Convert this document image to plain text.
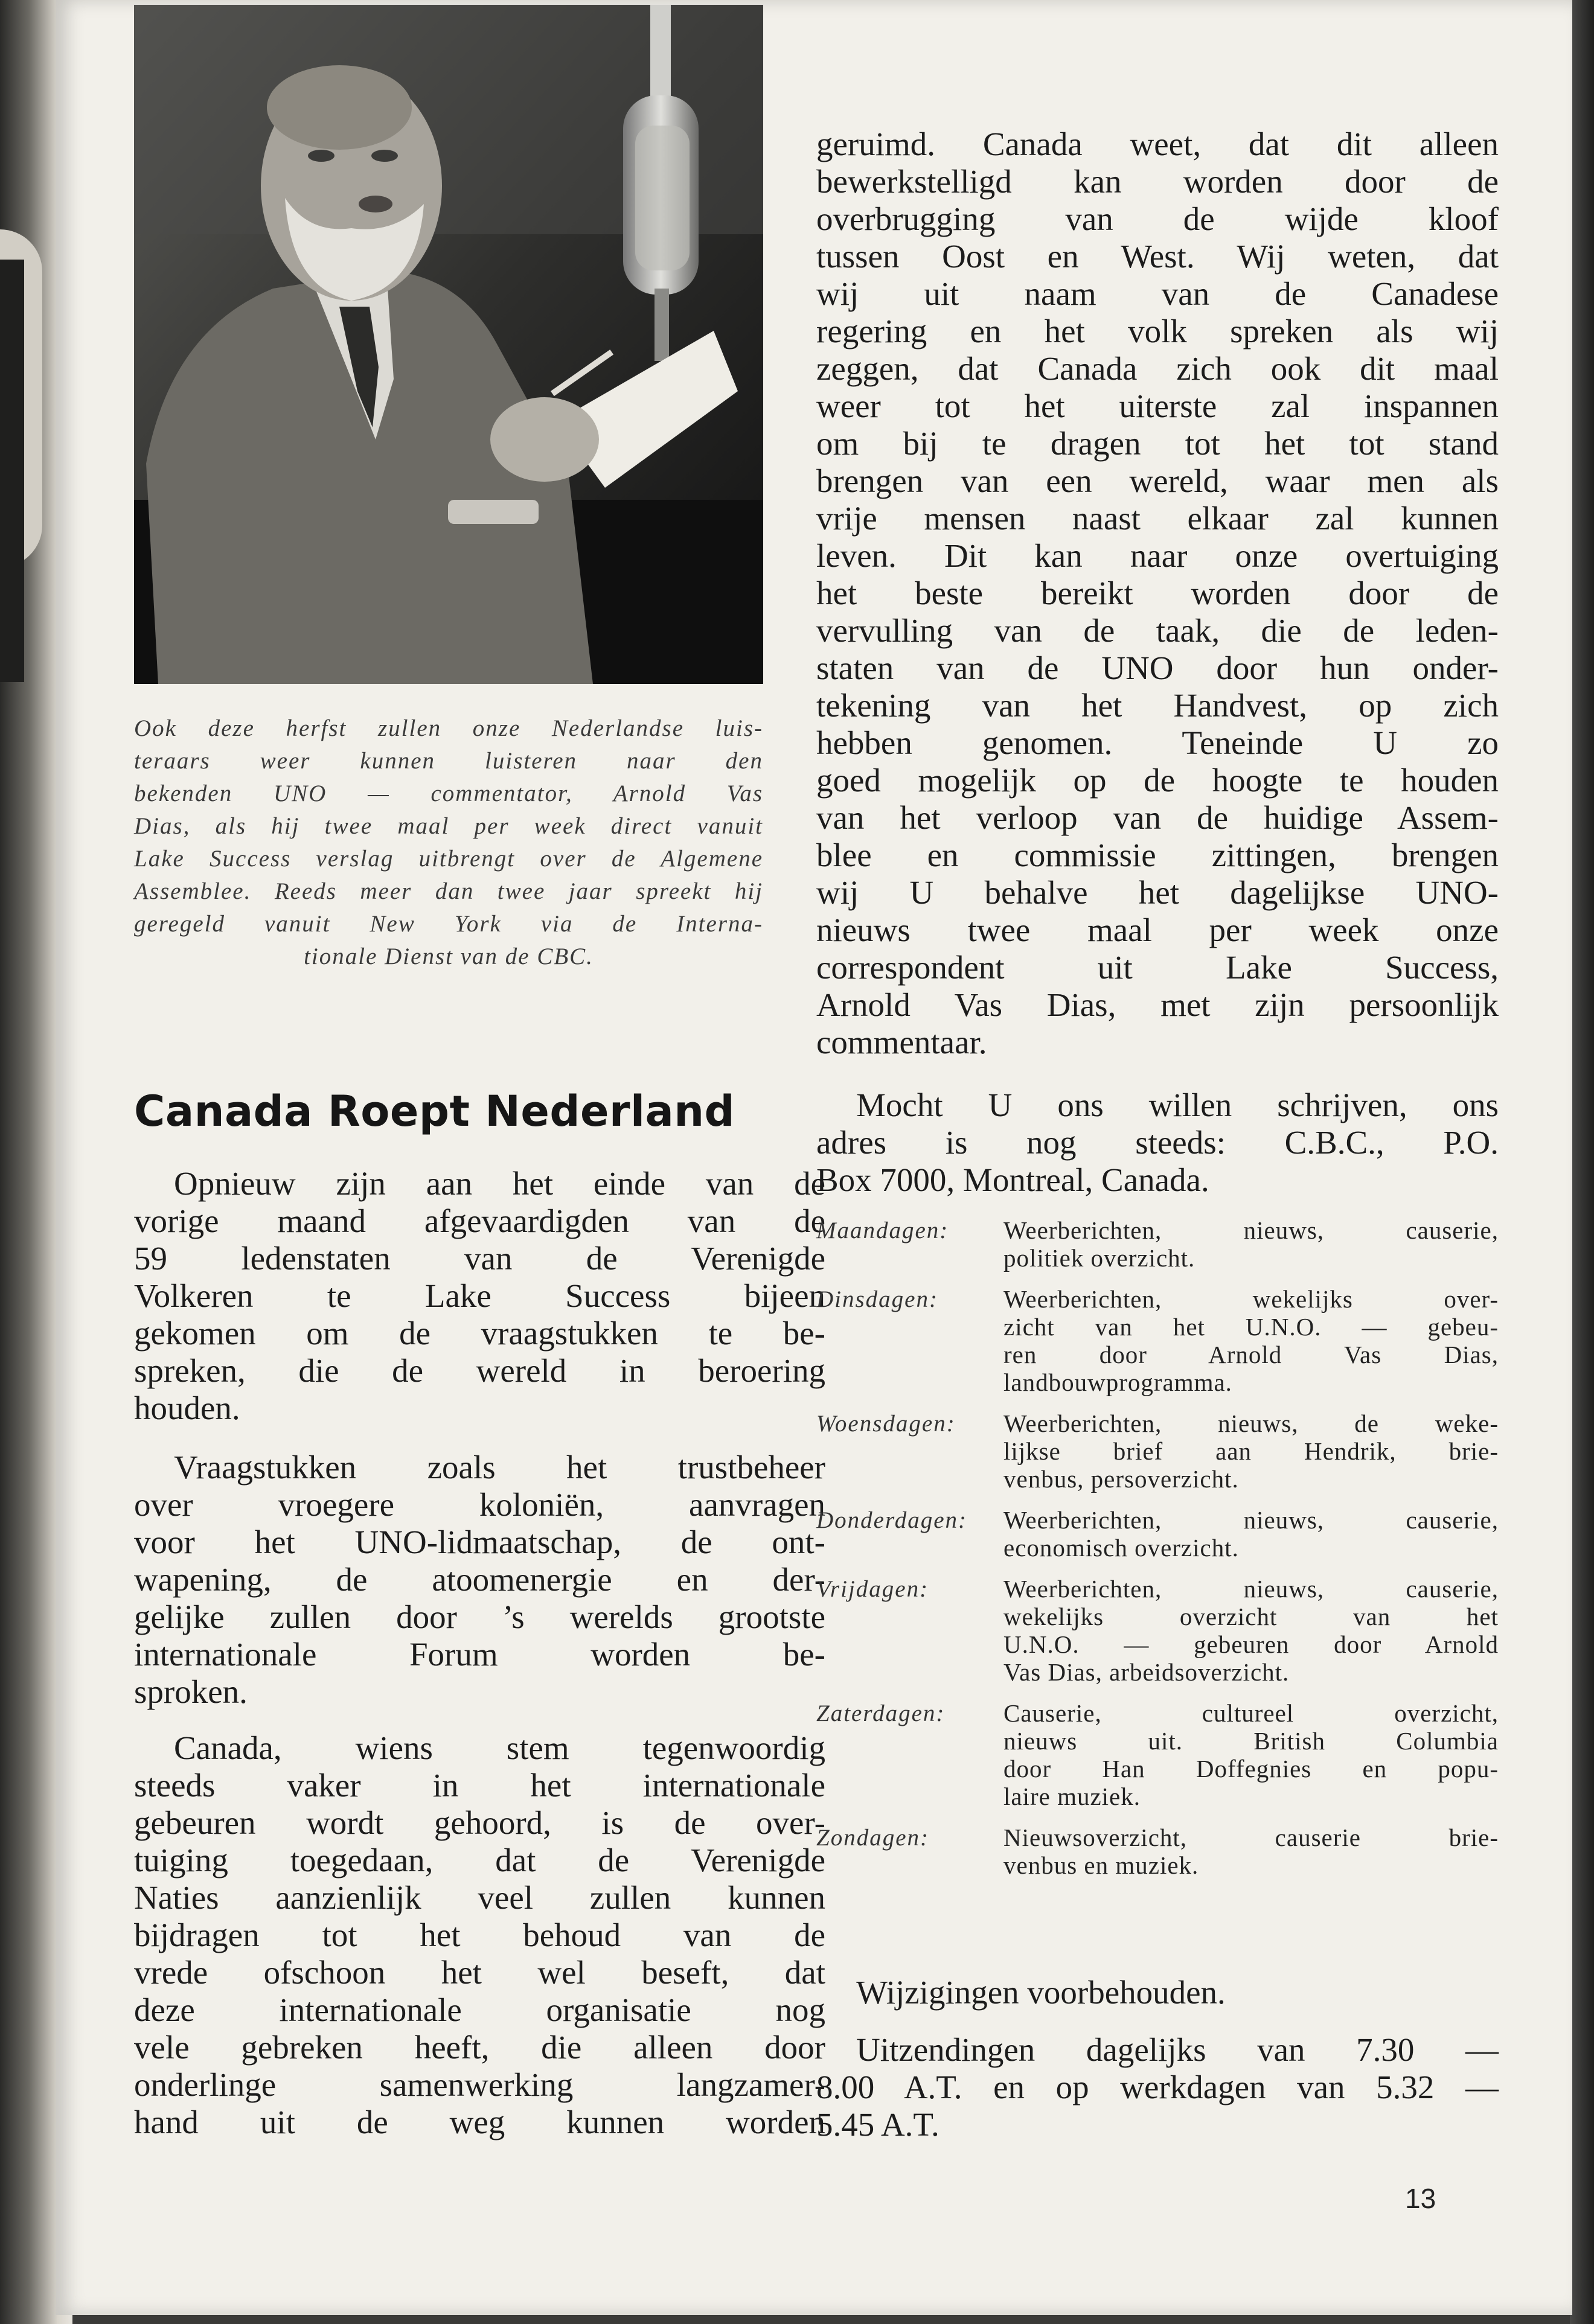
Ook deze herfst zullen onze Nederlandse luis-
teraars weer kunnen luisteren naar den
bekenden UNO — commentator, Arnold Vas
Dias, als hij twee maal per week direct vanuit
Lake Success verslag uitbrengt over de Algemene
Assemblee. Reeds meer dan twee jaar spreekt hij
geregeld vanuit New York via de Interna-
tionale Dienst van de CBC.
Canada Roept Nederland
Opnieuw zijn aan het einde van de
vorige maand afgevaardigden van de
59 ledenstaten van de Verenigde
Volkeren te Lake Success bijeen
gekomen om de vraagstukken te be-
spreken, die de wereld in beroering
houden.
Vraagstukken zoals het trustbeheer
over vroegere koloniën, aanvragen
voor het UNO-lidmaatschap, de ont-
wapening, de atoomenergie en der-
gelijke zullen door ’s werelds grootste
internationale Forum worden be-
sproken.
Canada, wiens stem tegenwoordig
steeds vaker in het internationale
gebeuren wordt gehoord, is de over-
tuiging toegedaan, dat de Verenigde
Naties aanzienlijk veel zullen kunnen
bijdragen tot het behoud van de
vrede ofschoon het wel beseft, dat
deze internationale organisatie nog
vele gebreken heeft, die alleen door
onderlinge samenwerking langzamer-
hand uit de weg kunnen worden
geruimd. Canada weet, dat dit alleen
bewerkstelligd kan worden door de
overbrugging van de wijde kloof
tussen Oost en West. Wij weten, dat
wij uit naam van de Canadese
regering en het volk spreken als wij
zeggen, dat Canada zich ook dit maal
weer tot het uiterste zal inspannen
om bij te dragen tot het tot stand
brengen van een wereld, waar men als
vrije mensen naast elkaar zal kunnen
leven. Dit kan naar onze overtuiging
het beste bereikt worden door de
vervulling van de taak, die de leden-
staten van de UNO door hun onder-
tekening van het Handvest, op zich
hebben genomen. Teneinde U zo
goed mogelijk op de hoogte te houden
van het verloop van de huidige Assem-
blee en commissie zittingen, brengen
wij U behalve het dagelijkse UNO-
nieuws twee maal per week onze
correspondent uit Lake Success,
Arnold Vas Dias, met zijn persoonlijk
commentaar.
Mocht U ons willen schrijven, ons
adres is nog steeds: C.B.C., P.O.
Box 7000, Montreal, Canada.
Maandagen:	Weerberichten, nieuws, causerie,
politiek overzicht.
Dinsdagen:	Weerberichten, wekelijks over-
zicht van het U.N.O. — gebeu-
ren door Arnold Vas Dias,
landbouwprogramma.
Woensdagen:	Weerberichten, nieuws, de weke-
lijkse brief aan Hendrik, brie-
venbus, persoverzicht.
Donderdagen:	Weerberichten, nieuws, causerie,
economisch overzicht.
Vrijdagen:	Weerberichten, nieuws, causerie,
wekelijks overzicht van het
U.N.O. — gebeuren door Arnold
Vas Dias, arbeidsoverzicht.
Zaterdagen:	Causerie, cultureel overzicht,
nieuws uit. British Columbia
door Han Doffegnies en popu-
laire muziek.
Zondagen:	Nieuwsoverzicht, causerie brie-
venbus en muziek.
Wijzigingen voorbehouden.
Uitzendingen dagelijks van 7.30 —
8.00 A.T. en op werkdagen van 5.32 —
5.45 A.T.
13
